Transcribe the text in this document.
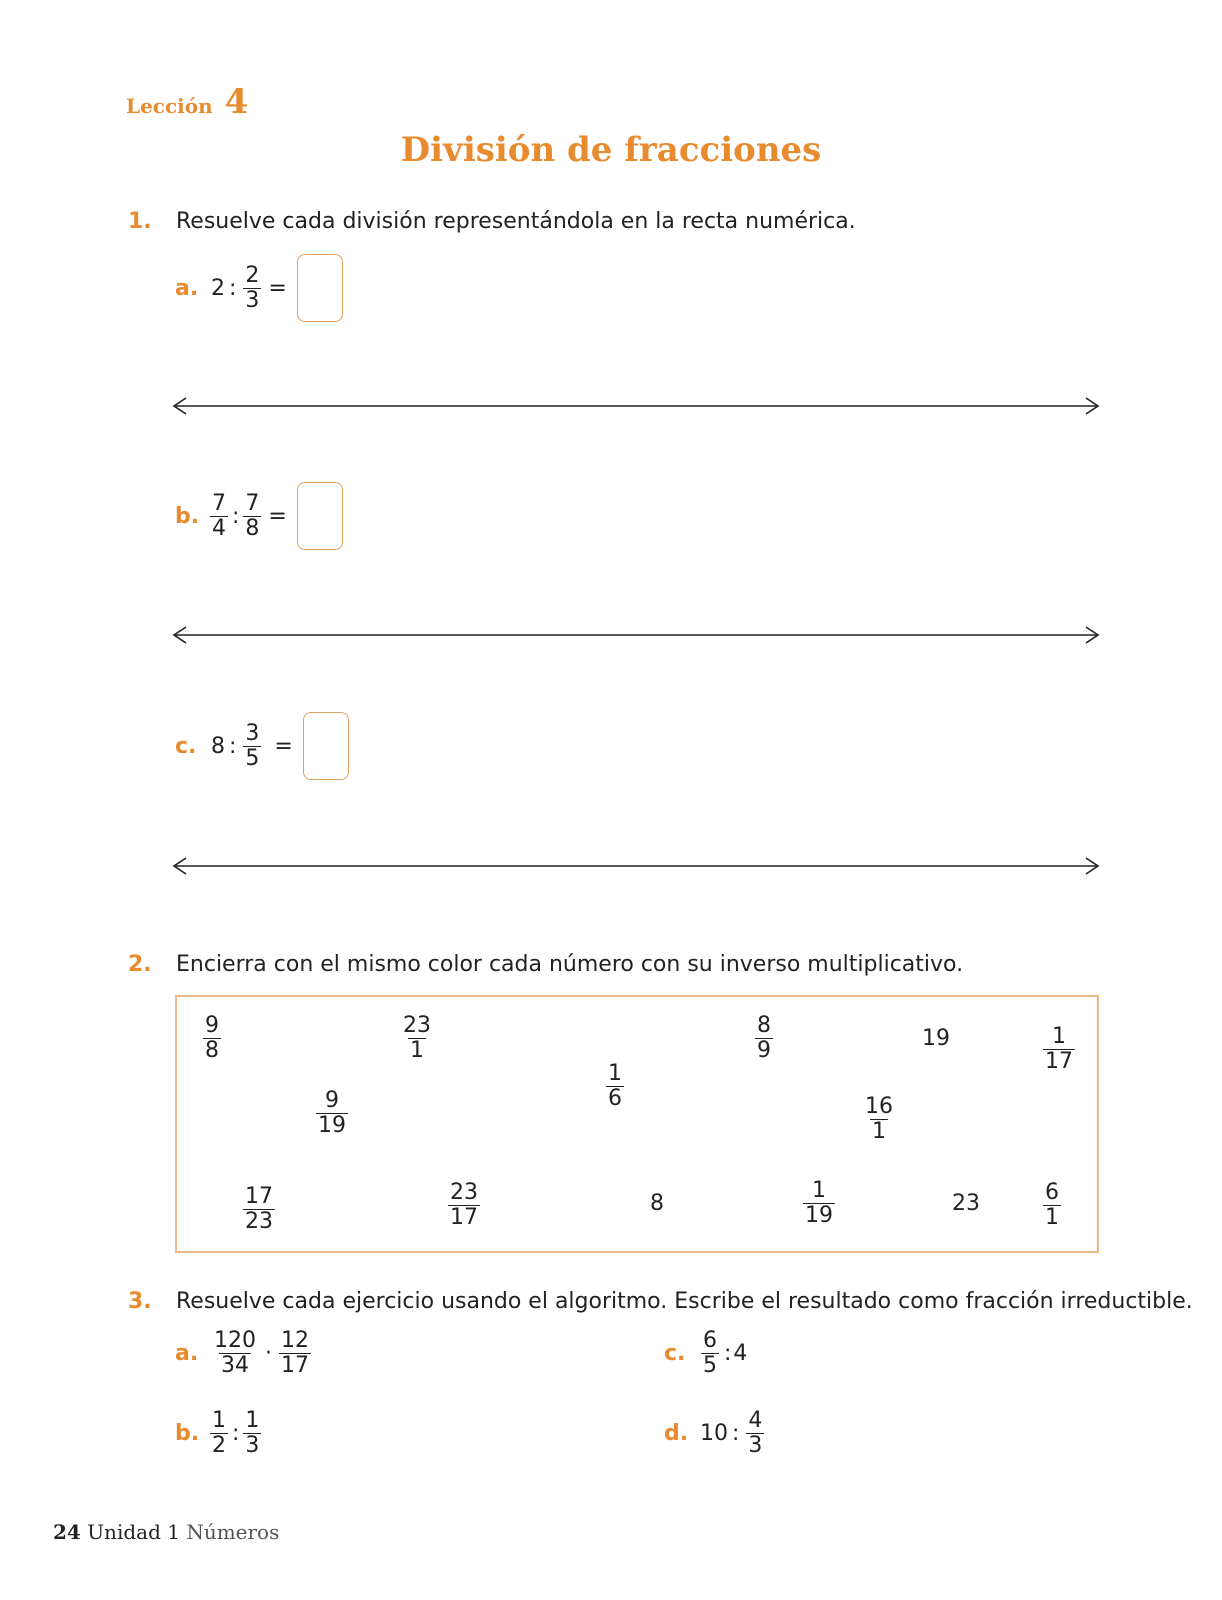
Lección 4
División de fracciones
1.	Resuelve cada división representándola en la recta numérica.
a. 2 : $\frac{2}{3}$ =
b. $\frac{7}{4}$ : $\frac{7}{8}$ =
c. 8 : $\frac{3}{5}$ =
2.	Encierra con el mismo color cada número con su inverso multiplicativo.
$\frac{9}{8}$	$\frac{23}{1}$	$\frac{8}{9}$	19	$\frac{1}{17}$
$\frac{1}{6}$
$\frac{9}{19}$	$\frac{16}{1}$
$\frac{17}{23}$	$\frac{23}{17}$	8	$\frac{1}{19}$	23	$\frac{6}{1}$
3.	Resuelve cada ejercicio usando el algoritmo. Escribe el resultado como fracción irreductible.
a. $\frac{120}{34} \cdot \frac{12}{17}$
b. $\frac{1}{2}$ : $\frac{1}{3}$
c. $\frac{6}{5}$ : 4
d. 10 : $\frac{4}{3}$
24 Unidad 1 Números
